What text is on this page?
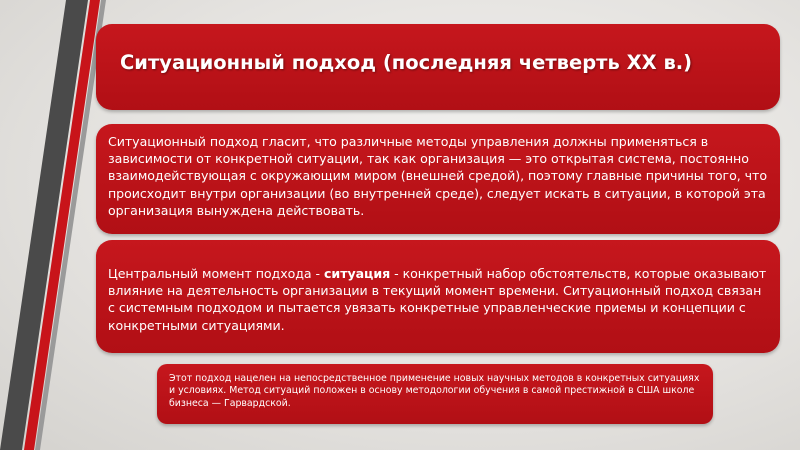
Ситуационный подход (последняя четверть ХХ в.)

Ситуационный подход гласит, что различные методы управления должны применяться в зависимости от конкретной ситуации, так как организация — это открытая система, постоянно взаимодействующая с окружающим миром (внешней средой), поэтому главные причины того, что происходит внутри организации (во внутренней среде), следует искать в ситуации, в которой эта организация вынуждена действовать.

Центральный момент подхода - ситуация - конкретный набор обстоятельств, которые оказывают влияние на деятельность организации в текущий момент времени. Ситуационный подход связан с системным подходом и пытается увязать конкретные управленческие приемы и концепции с конкретными ситуациями.

Этот подход нацелен на непосредственное применение новых научных методов в конкретных ситуациях и условиях. Метод ситуаций положен в основу методологии обучения в самой престижной в США школе бизнеса — Гарвардской.
